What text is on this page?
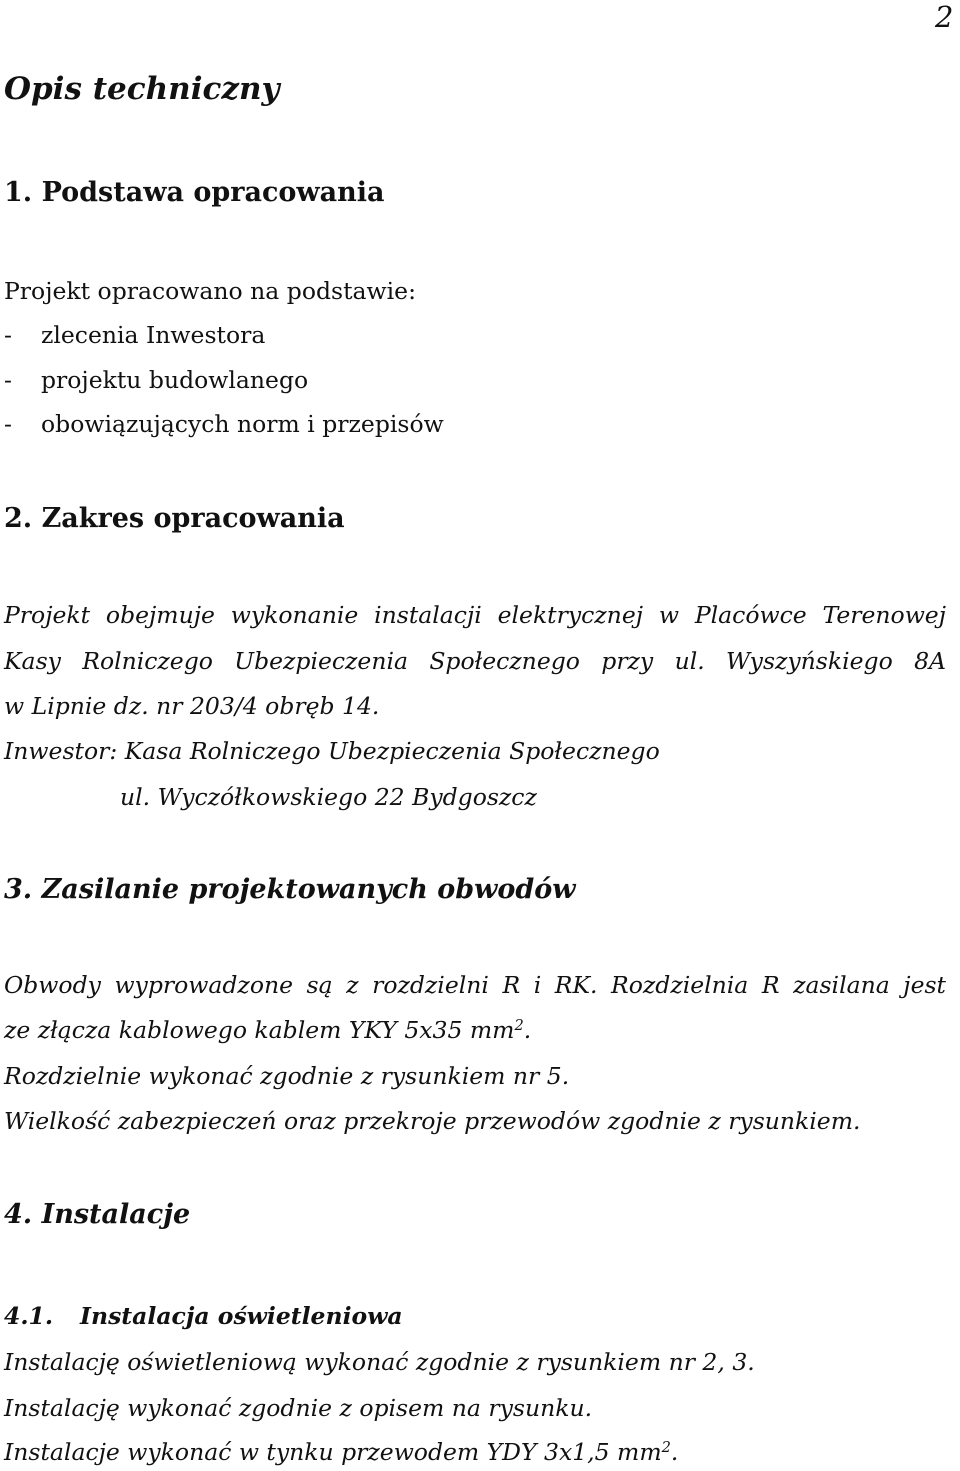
2
Opis techniczny
1. Podstawa opracowania
Projekt opracowano na podstawie:
- zlecenia Inwestora
- projektu budowlanego
- obowiązujących norm i przepisów
2. Zakres opracowania
Projekt obejmuje wykonanie instalacji elektrycznej w Placówce Terenowej
Kasy Rolniczego Ubezpieczenia Społecznego przy ul. Wyszyńskiego 8A
w Lipnie dz. nr 203/4 obręb 14.
Inwestor: Kasa Rolniczego Ubezpieczenia Społecznego
ul. Wyczółkowskiego 22 Bydgoszcz
3. Zasilanie projektowanych obwodów
Obwody wyprowadzone są z rozdzielni R i RK. Rozdzielnia R zasilana jest
ze złącza kablowego kablem YKY 5x35 $mm^2$.
Rozdzielnie wykonać zgodnie z rysunkiem nr 5.
Wielkość zabezpieczeń oraz przekroje przewodów zgodnie z rysunkiem.
4. Instalacje
4.1. Instalacja oświetleniowa
Instalację oświetleniową wykonać zgodnie z rysunkiem nr 2, 3.
Instalację wykonać zgodnie z opisem na rysunku.
Instalacje wykonać w tynku przewodem YDY 3x1,5 $mm^2$.
